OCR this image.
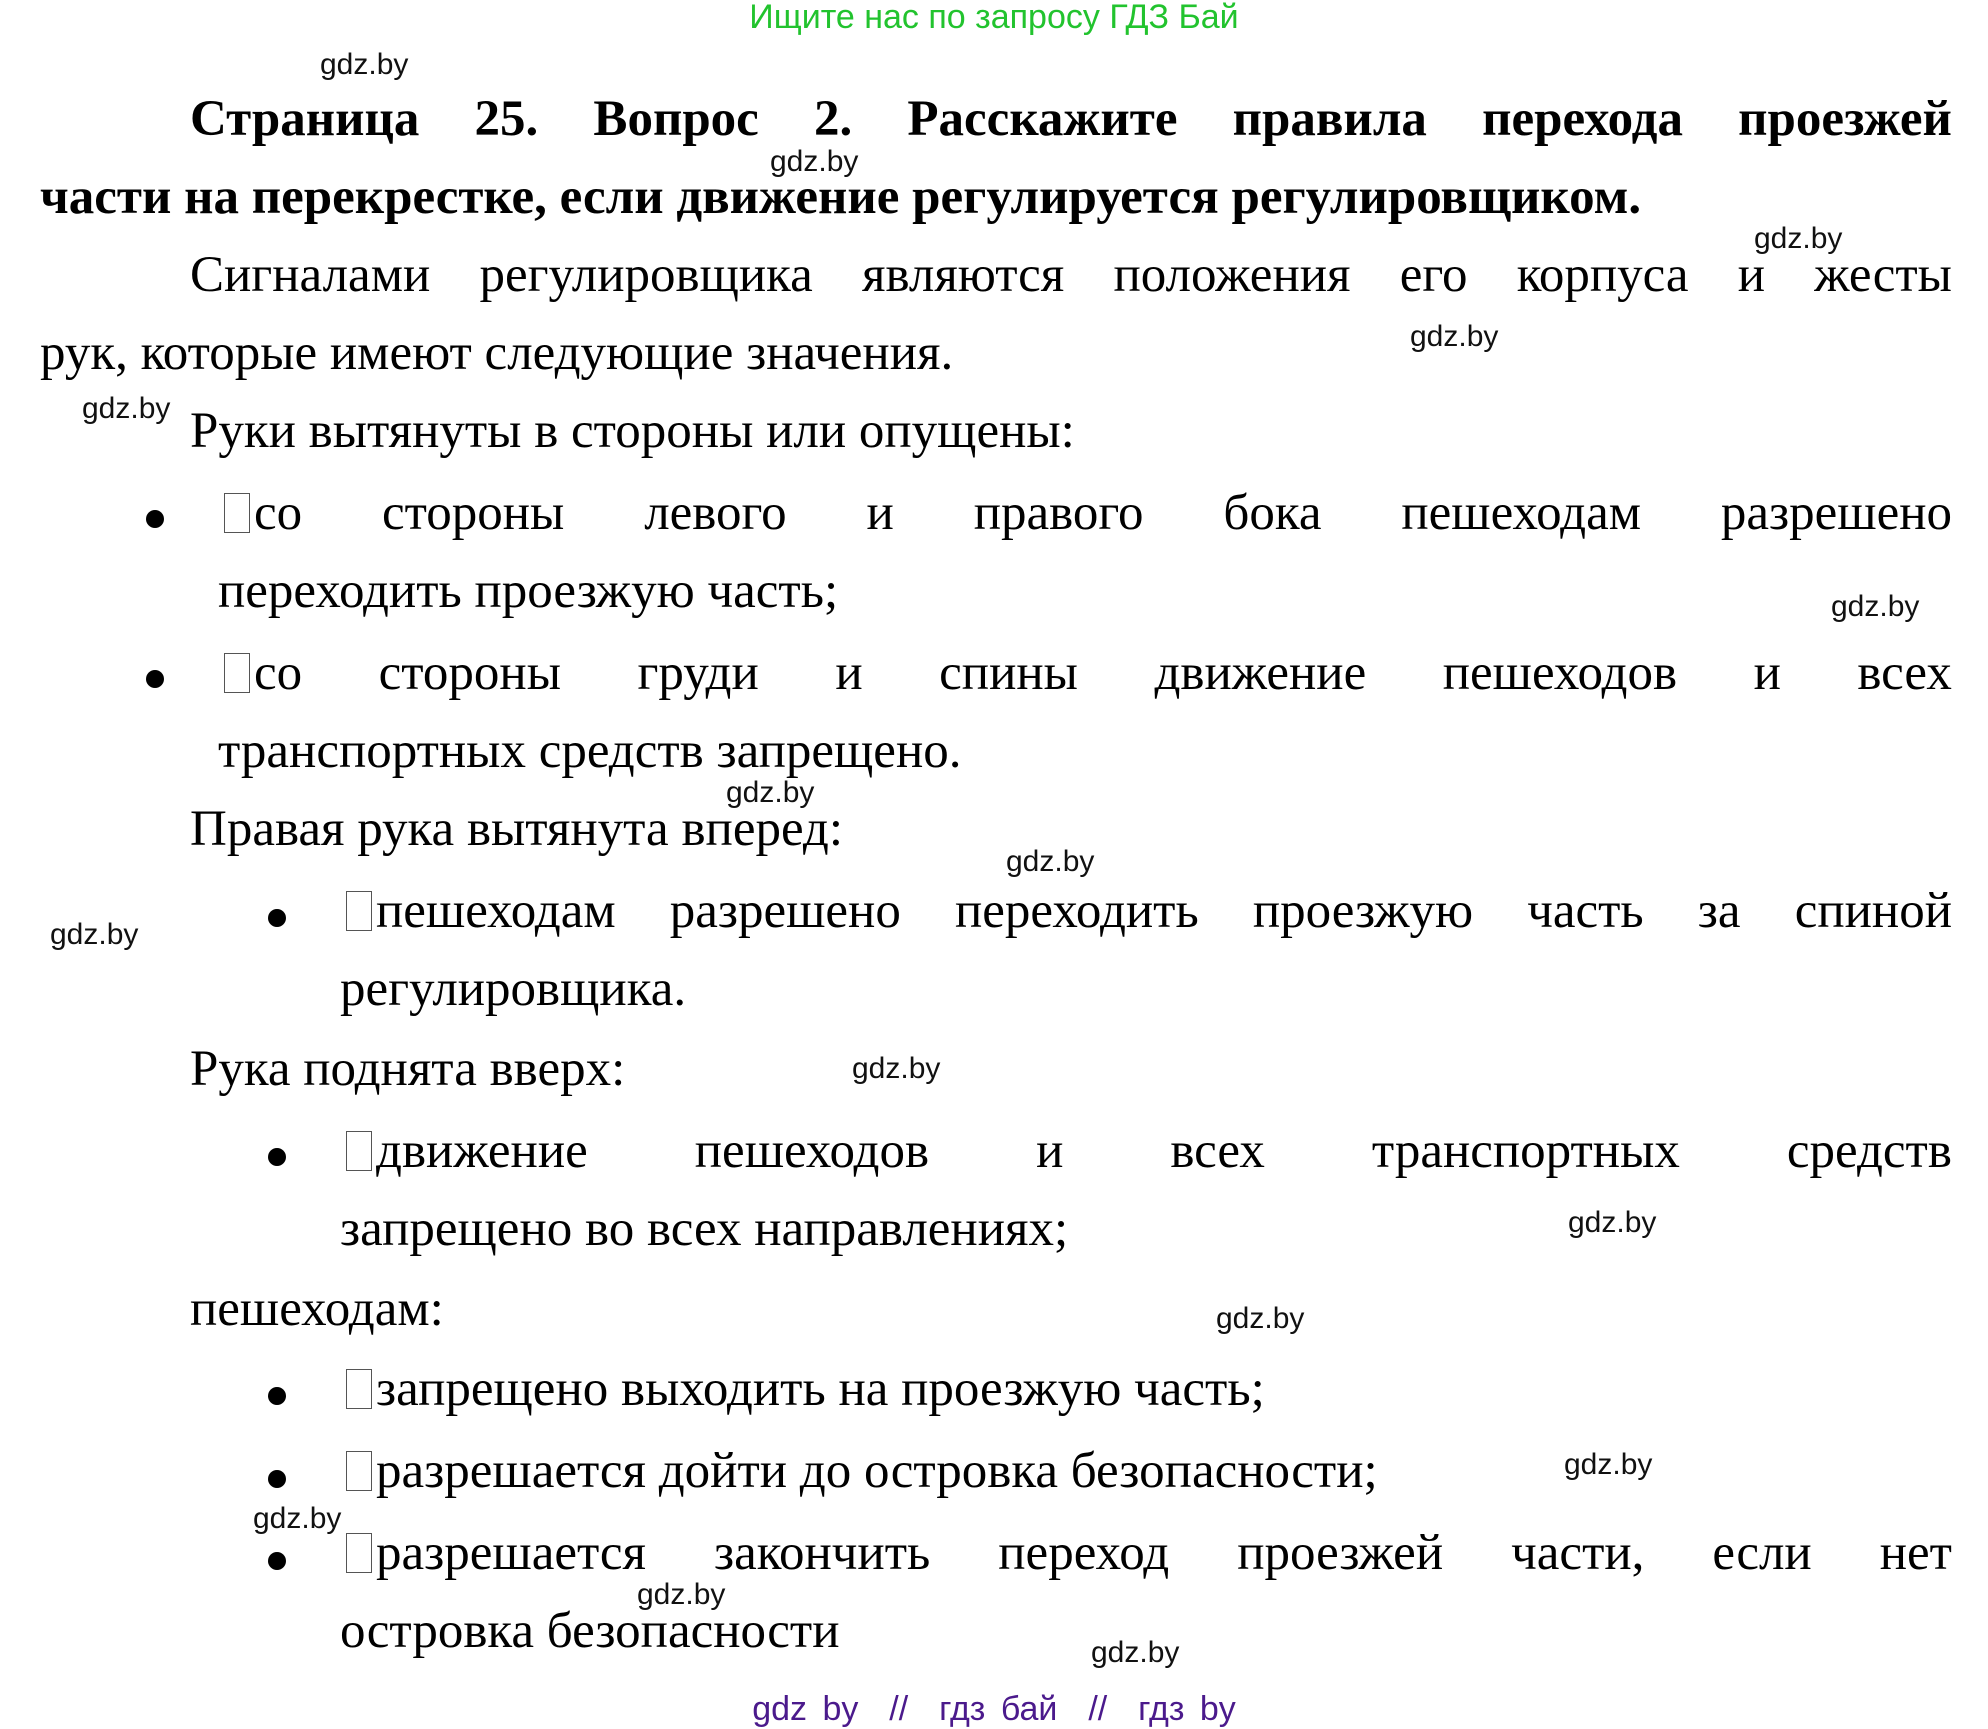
Ищите нас по запросу ГДЗ Бай
Страница 25. Вопрос 2. Расскажите правила перехода проезжей
части на перекрестке, если движение регулируется регулировщиком.
Сигналами регулировщика являются положения его корпуса и жесты
рук, которые имеют следующие значения.
Руки вытянуты в стороны или опущены:
со стороны левого и правого бока пешеходам разрешено
переходить проезжую часть;
со стороны груди и спины движение пешеходов и всех
транспортных средств запрещено.
Правая рука вытянута вперед:
пешеходам разрешено переходить проезжую часть за спиной
регулировщика.
Рука поднята вверх:
движение пешеходов и всех транспортных средств
запрещено во всех направлениях;
пешеходам:
запрещено выходить на проезжую часть;
разрешается дойти до островка безопасности;
разрешается закончить переход проезжей части, если нет
островка безопасности
gdz.by
gdz.by
gdz.by
gdz.by
gdz.by
gdz.by
gdz.by
gdz.by
gdz.by
gdz.by
gdz.by
gdz.by
gdz.by
gdz.by
gdz.by
gdz.by
gdz by  //  гдз бай  //  гдз by
